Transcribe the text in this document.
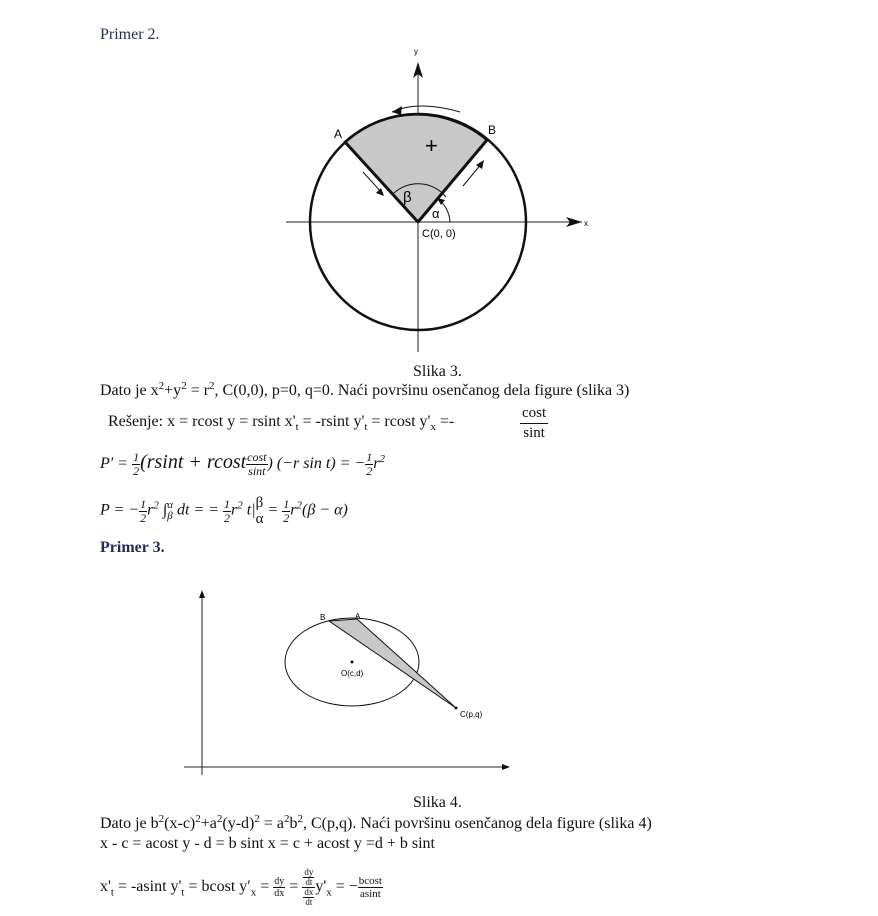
Primer 2.
y
x
A	B
+
β
α
C(0, 0)
Slika 3.
Dato je $x^2+y^2 = r^2$, C(0,0), p=0, q=0. Naći površinu osenčanog dela figure (slika 3)
Rešenje: x = rcost y = rsint $x'_t = -rsint$ $y'_t = rcost$ $y'_x$ =-	cost
sint
$P' = \frac{1}{2} (rsint + rcost \frac{\cos t}{\sin t}$ ) (−r sin t) = − $\frac{1}{2} r^2$
P = − $\frac{1}{2} r^2$ ∫ α
β dt = = $\frac{1}{2} r^2$ t| β
α
= $\frac{1}{2} r^2(\beta - \alpha)$
Primer 3.
B	A
O(c,d)
C(p,q)
Slika 4.
Dato je $b^2(x-c)^2+a^2(y-d)^2 = a^2b^2$, C(p,q). Naći površinu osenčanog dela figure (slika 4)
x - c = acost y - d = b sint x = c + acost y =d + b sint
$x'_t = -asint$ $y'_t = bcost$ $y'_x = \frac{dy}{dx} = \frac{\frac{dy}{dt}}{\frac{dx}{dt}} y'_x$ = − $\frac{bcost}{asint}$
